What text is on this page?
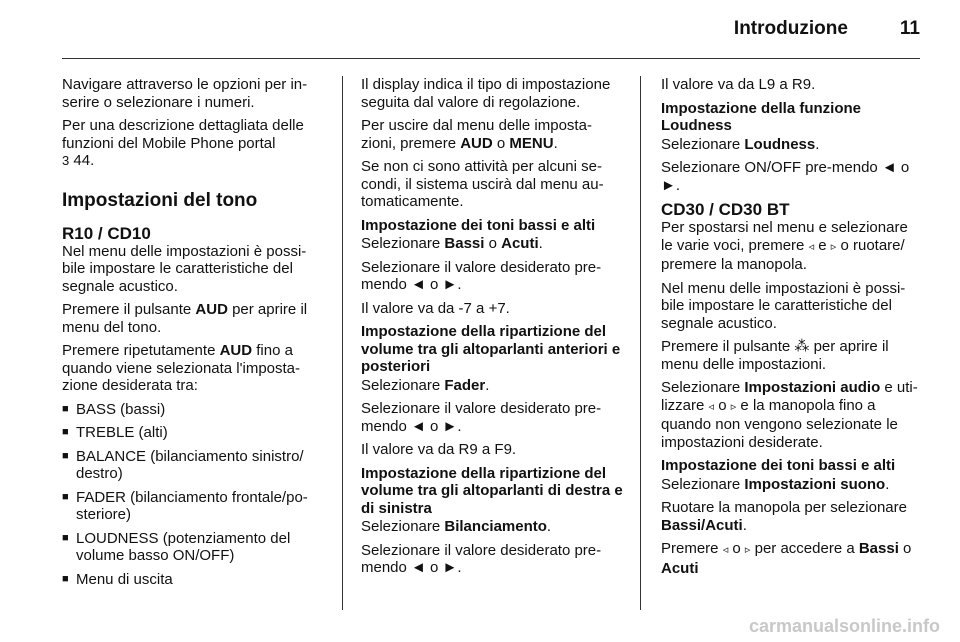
Introduzione	11

Navigare attraverso le opzioni per in-serire o selezionare i numeri.

Per una descrizione dettagliata delle funzioni del Mobile Phone portal
3 44.

Impostazioni del tono
R10 / CD10

Nel menu delle impostazioni è possi-bile impostare le caratteristiche del segnale acustico.

Premere il pulsante AUD per aprire il menu del tono.

Premere ripetutamente AUD fino a quando viene selezionata l'imposta-zione desiderata tra:

■ BASS (bassi)
■ TREBLE (alti)
■ BALANCE (bilanciamento sinistro/ destro)
■ FADER (bilanciamento frontale/po-steriore)
■ LOUDNESS (potenziamento del volume basso ON/OFF)
■ Menu di uscita

Il display indica il tipo di impostazione seguita dal valore di regolazione.

Per uscire dal menu delle imposta-zioni, premere AUD o MENU.

Se non ci sono attività per alcuni se-condi, il sistema uscirà dal menu au-tomaticamente.

Impostazione dei toni bassi e alti

Selezionare Bassi o Acuti.

Selezionare il valore desiderato pre-mendo ◄ o ►.

Il valore va da -7 a +7.

Impostazione della ripartizione del volume tra gli altoparlanti anteriori e posteriori

Selezionare Fader.

Selezionare il valore desiderato pre-mendo ◄ o ►.

Il valore va da R9 a F9.

Impostazione della ripartizione del volume tra gli altoparlanti di destra e di sinistra

Selezionare Bilanciamento.

Selezionare il valore desiderato pre-mendo ◄ o ►.

Il valore va da L9 a R9.

Impostazione della funzione Loudness

Selezionare Loudness.

Selezionare ON/OFF pre-mendo ◄ o ►.

CD30 / CD30 BT

Per spostarsi nel menu e selezionare le varie voci, premere ◃ e ▹ o ruotare/ premere la manopola.

Nel menu delle impostazioni è possi-bile impostare le caratteristiche del segnale acustico.

Premere il pulsante ⁂ per aprire il menu delle impostazioni.

Selezionare Impostazioni audio e uti-lizzare ◃ o ▹ e la manopola fino a quando non vengono selezionate le impostazioni desiderate.

Impostazione dei toni bassi e alti

Selezionare Impostazioni suono.

Ruotare la manopola per selezionare Bassi/Acuti.

Premere ◃ o ▹ per accedere a Bassi o Acuti

carmanualsonline.info
